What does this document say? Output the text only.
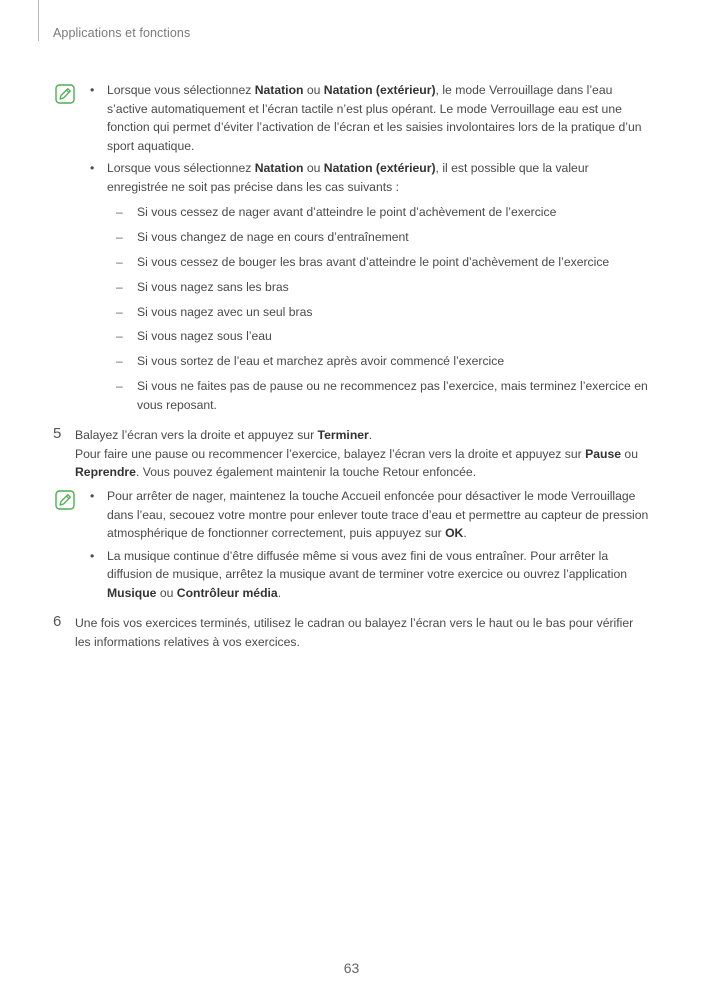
Applications et fonctions
• Lorsque vous sélectionnez Natation ou Natation (extérieur), le mode Verrouillage dans l’eau s’active automatiquement et l’écran tactile n’est plus opérant. Le mode Verrouillage eau est une fonction qui permet d’éviter l’activation de l’écran et les saisies involontaires lors de la pratique d’un sport aquatique.
• Lorsque vous sélectionnez Natation ou Natation (extérieur), il est possible que la valeur enregistrée ne soit pas précise dans les cas suivants :
– Si vous cessez de nager avant d’atteindre le point d’achèvement de l’exercice
– Si vous changez de nage en cours d’entraînement
– Si vous cessez de bouger les bras avant d’atteindre le point d’achèvement de l’exercice
– Si vous nagez sans les bras
– Si vous nagez avec un seul bras
– Si vous nagez sous l’eau
– Si vous sortez de l’eau et marchez après avoir commencé l’exercice
– Si vous ne faites pas de pause ou ne recommencez pas l’exercice, mais terminez l’exercice en vous reposant.
5 Balayez l’écran vers la droite et appuyez sur Terminer.
Pour faire une pause ou recommencer l’exercice, balayez l’écran vers la droite et appuyez sur Pause ou Reprendre. Vous pouvez également maintenir la touche Retour enfoncée.
• Pour arrêter de nager, maintenez la touche Accueil enfoncée pour désactiver le mode Verrouillage dans l’eau, secouez votre montre pour enlever toute trace d’eau et permettre au capteur de pression atmosphérique de fonctionner correctement, puis appuyez sur OK.
• La musique continue d’être diffusée même si vous avez fini de vous entraîner. Pour arrêter la diffusion de musique, arrêtez la musique avant de terminer votre exercice ou ouvrez l’application Musique ou Contrôleur média.
6 Une fois vos exercices terminés, utilisez le cadran ou balayez l’écran vers le haut ou le bas pour vérifier les informations relatives à vos exercices.
63
